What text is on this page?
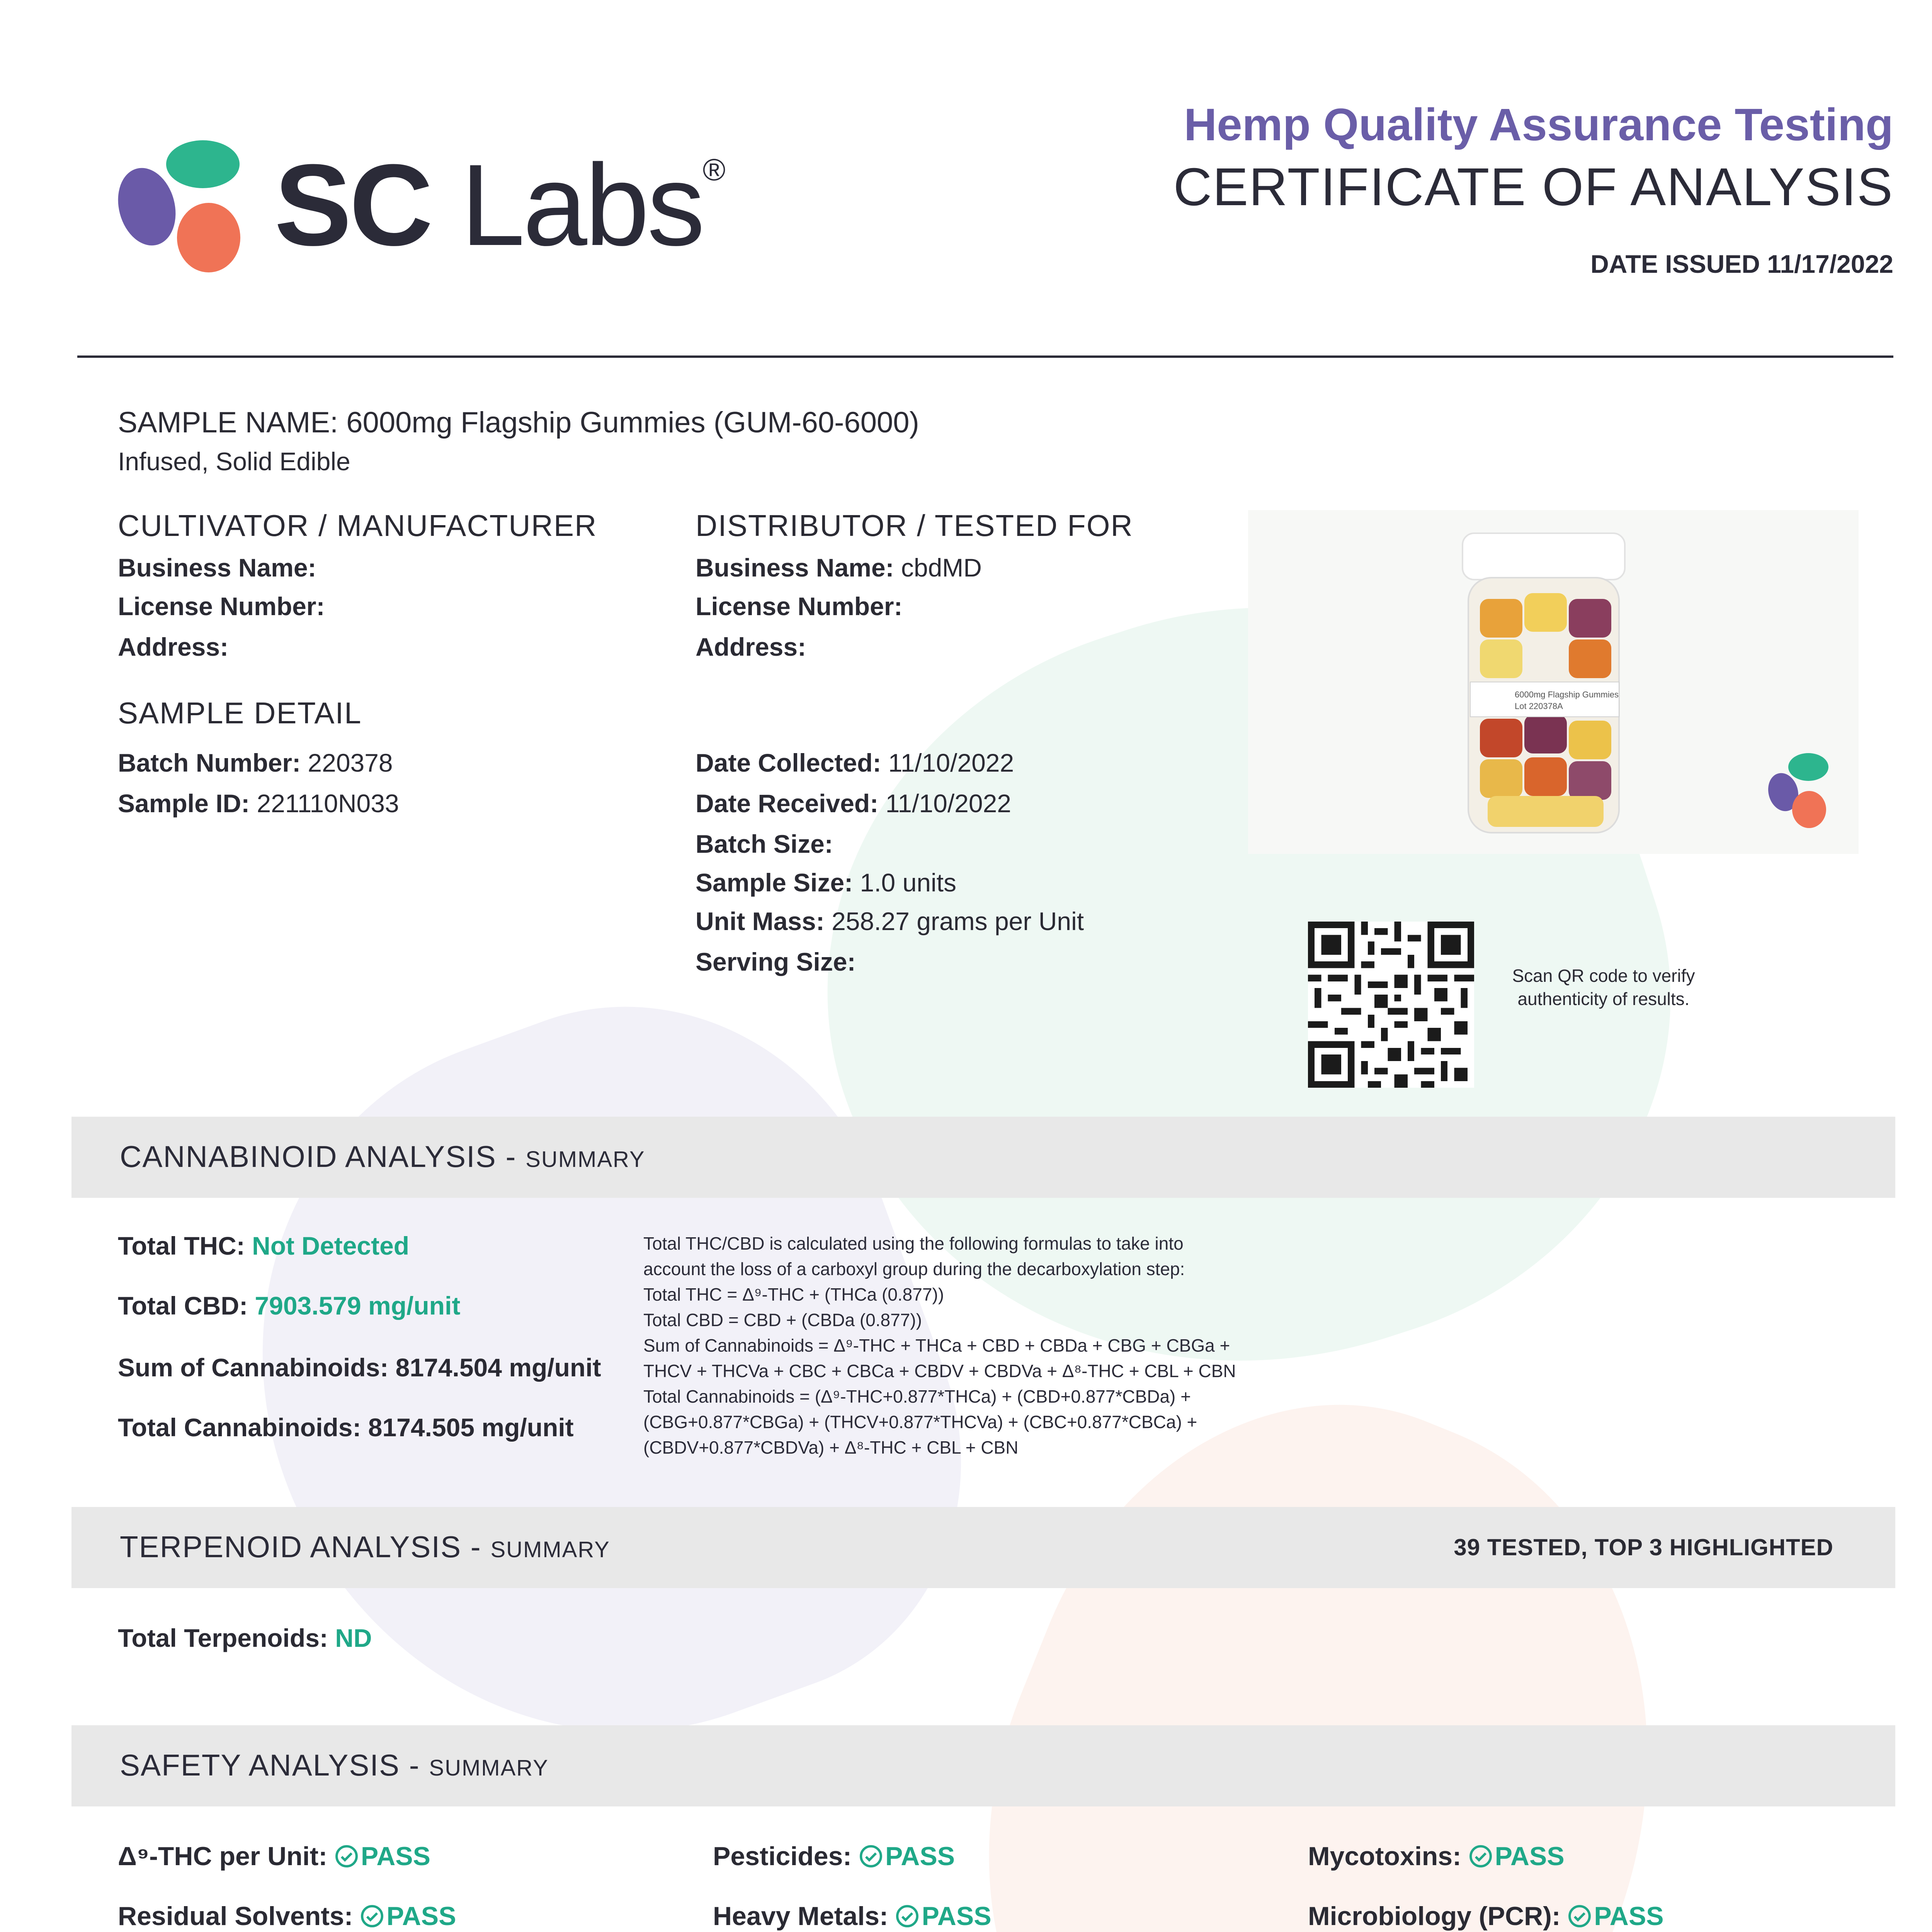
SC Labs®
Hemp Quality Assurance Testing
CERTIFICATE OF ANALYSIS
DATE ISSUED 11/17/2022
SAMPLE NAME: 6000mg Flagship Gummies (GUM-60-6000)
Infused, Solid Edible
CULTIVATOR / MANUFACTURER
Business Name:
License Number:
Address:
DISTRIBUTOR / TESTED FOR
Business Name: cbdMD
License Number:
Address:
SAMPLE DETAIL
Batch Number: 220378
Sample ID: 221110N033
Date Collected: 11/10/2022
Date Received: 11/10/2022
Batch Size:
Sample Size: 1.0 units
Unit Mass: 258.27 grams per Unit
Serving Size:
6000mg Flagship Gummies
Lot 220378A
Scan QR code to verify
authenticity of results.
CANNABINOID ANALYSIS - SUMMARY
Total THC: Not Detected
Total CBD: 7903.579 mg/unit
Sum of Cannabinoids: 8174.504 mg/unit
Total Cannabinoids: 8174.505 mg/unit
Total THC/CBD is calculated using the following formulas to take into
account the loss of a carboxyl group during the decarboxylation step:
Total THC = Δ⁹-THC + (THCa (0.877))
Total CBD = CBD + (CBDa (0.877))
Sum of Cannabinoids = Δ⁹-THC + THCa + CBD + CBDa + CBG + CBGa +
THCV + THCVa + CBC + CBCa + CBDV + CBDVa + Δ⁸-THC + CBL + CBN
Total Cannabinoids = (Δ⁹-THC+0.877*THCa) + (CBD+0.877*CBDa) +
(CBG+0.877*CBGa) + (THCV+0.877*THCVa) + (CBC+0.877*CBCa) +
(CBDV+0.877*CBDVa) + Δ⁸-THC + CBL + CBN
TERPENOID ANALYSIS - SUMMARY	39 TESTED, TOP 3 HIGHLIGHTED
Total Terpenoids: ND
SAFETY ANALYSIS - SUMMARY
Δ⁹-THC per Unit: PASS	Pesticides: PASS	Mycotoxins: PASS
Residual Solvents: PASS	Heavy Metals: PASS	Microbiology (PCR): PASS
